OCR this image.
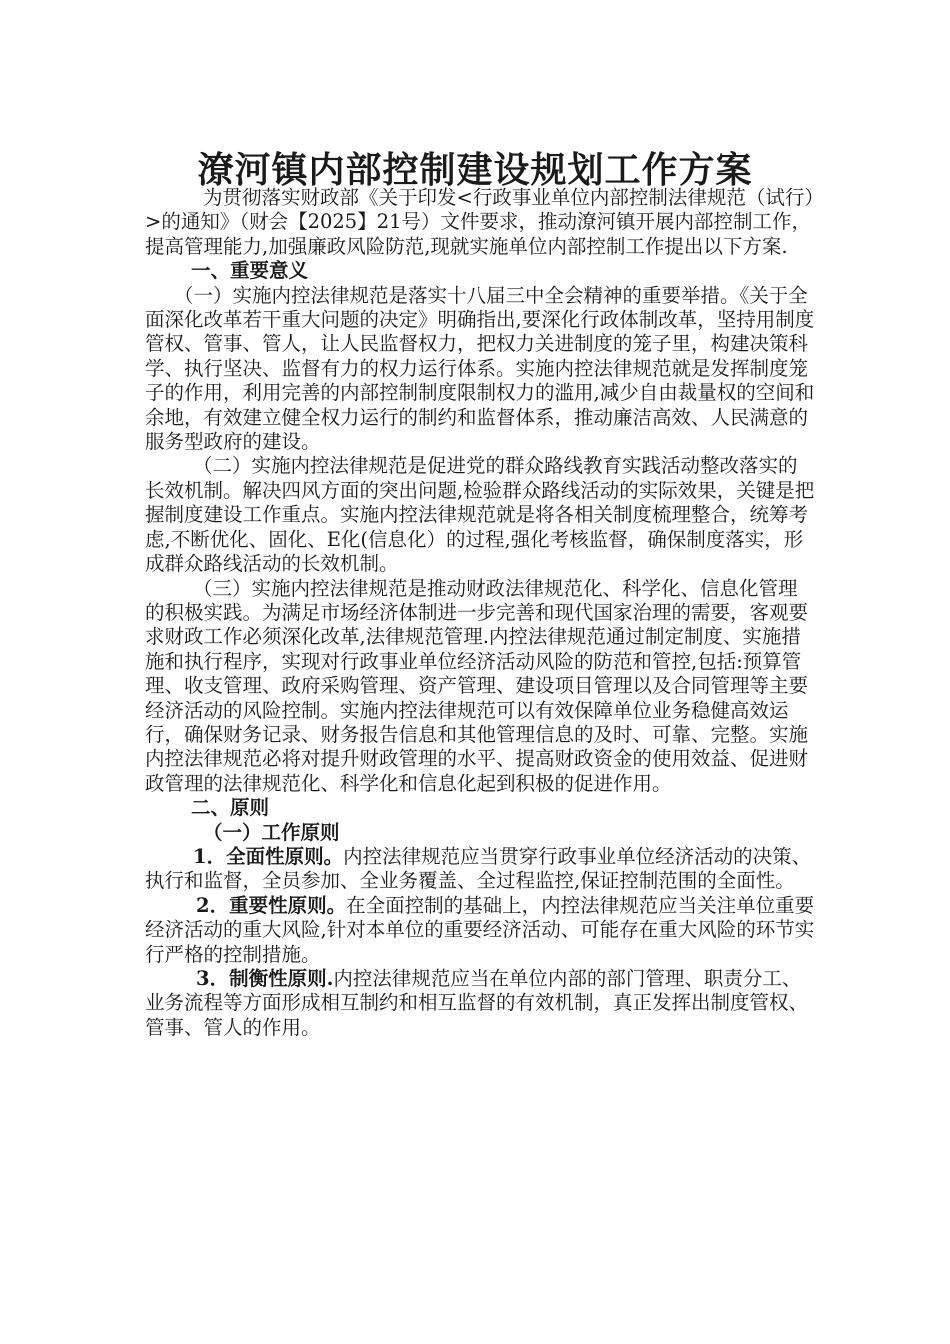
潦河镇内部控制建设规划工作方案

为贯彻落实财政部《关于印发<行政事业单位内部控制法律规范（试行）>的通知》（财会【2025】21号）文件要求，推动潦河镇开展内部控制工作，提高管理能力,加强廉政风险防范,现就实施单位内部控制工作提出以下方案.

一、重要意义

（一）实施内控法律规范是落实十八届三中全会精神的重要举措。《关于全面深化改革若干重大问题的决定》明确指出,要深化行政体制改革，坚持用制度管权、管事、管人，让人民监督权力，把权力关进制度的笼子里，构建决策科学、执行坚决、监督有力的权力运行体系。实施内控法律规范就是发挥制度笼子的作用，利用完善的内部控制制度限制权力的滥用,减少自由裁量权的空间和余地，有效建立健全权力运行的制约和监督体系，推动廉洁高效、人民满意的服务型政府的建设。

（二）实施内控法律规范是促进党的群众路线教育实践活动整改落实的长效机制。解决四风方面的突出问题,检验群众路线活动的实际效果，关键是把握制度建设工作重点。实施内控法律规范就是将各相关制度梳理整合，统筹考虑,不断优化、固化、E化(信息化）的过程,强化考核监督，确保制度落实，形成群众路线活动的长效机制。

（三）实施内控法律规范是推动财政法律规范化、科学化、信息化管理的积极实践。为满足市场经济体制进一步完善和现代国家治理的需要，客观要求财政工作必须深化改革,法律规范管理.内控法律规范通过制定制度、实施措施和执行程序，实现对行政事业单位经济活动风险的防范和管控,包括:预算管理、收支管理、政府采购管理、资产管理、建设项目管理以及合同管理等主要经济活动的风险控制。实施内控法律规范可以有效保障单位业务稳健高效运行，确保财务记录、财务报告信息和其他管理信息的及时、可靠、完整。实施内控法律规范必将对提升财政管理的水平、提高财政资金的使用效益、促进财政管理的法律规范化、科学化和信息化起到积极的促进作用。

二、原则

（一）工作原则

1．全面性原则。内控法律规范应当贯穿行政事业单位经济活动的决策、执行和监督，全员参加、全业务覆盖、全过程监控,保证控制范围的全面性。

2．重要性原则。在全面控制的基础上，内控法律规范应当关注单位重要经济活动的重大风险,针对本单位的重要经济活动、可能存在重大风险的环节实行严格的控制措施。

3．制衡性原则.内控法律规范应当在单位内部的部门管理、职责分工、业务流程等方面形成相互制约和相互监督的有效机制，真正发挥出制度管权、管事、管人的作用。
